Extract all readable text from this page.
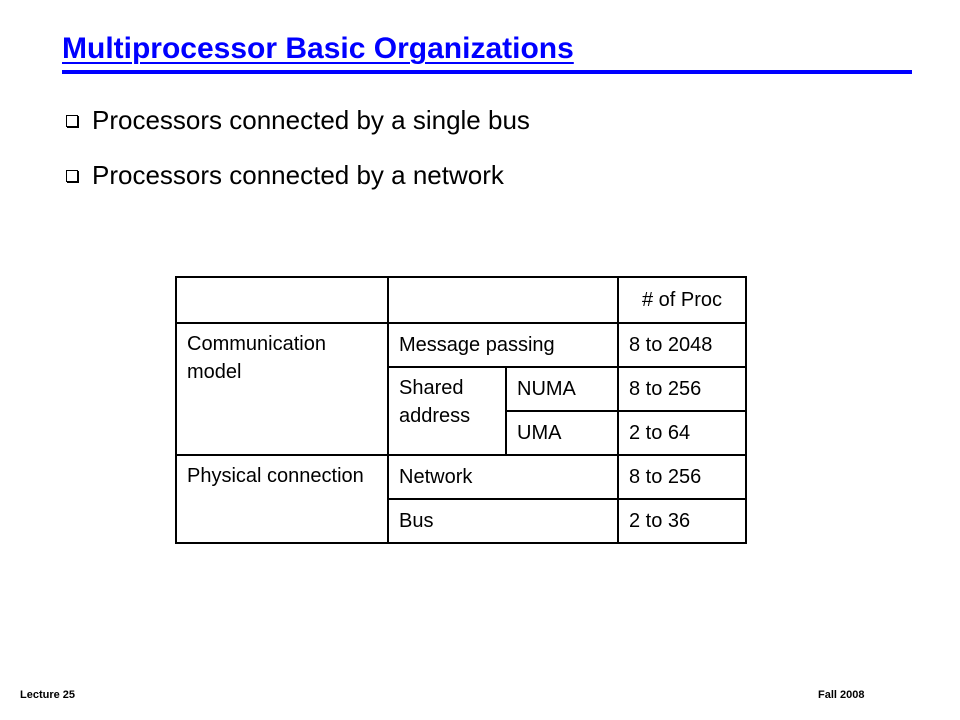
Multiprocessor Basic Organizations
Processors connected by a single bus
Processors connected by a network
			# of Proc
Communication model	Message passing		8 to 2048
	Shared address	NUMA	8 to 256
		UMA	2 to 64
Physical connection	Network		8 to 256
	Bus		2 to 36
Lecture 25	Fall 2008
